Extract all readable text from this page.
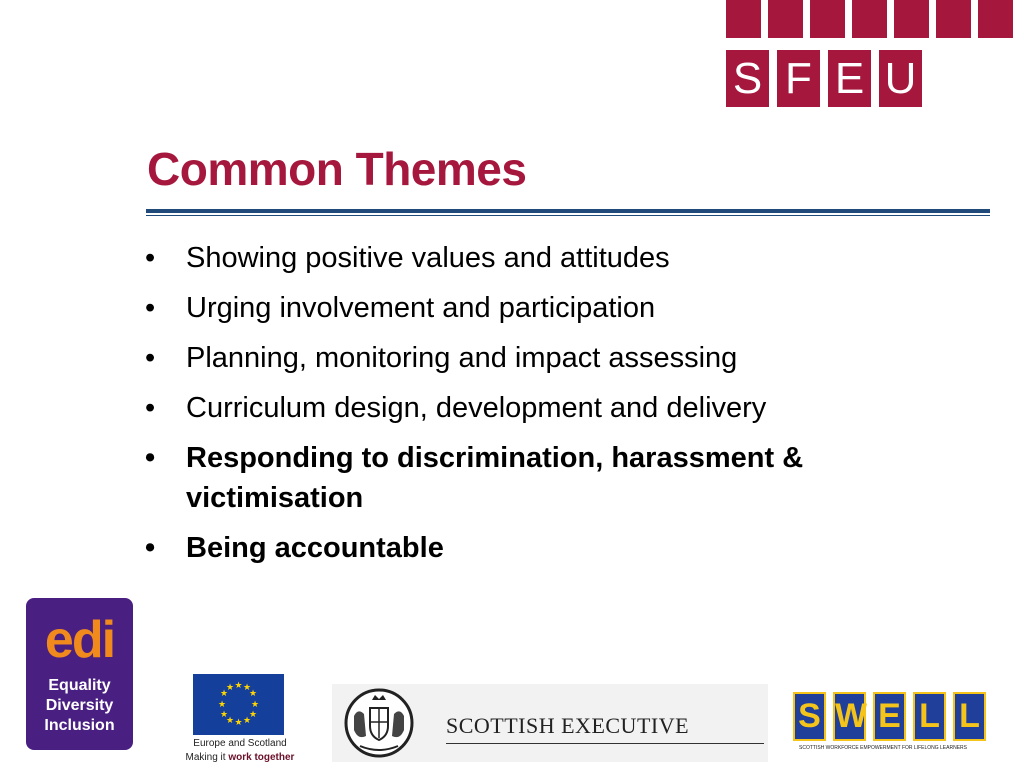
S F E U
Common Themes
• Showing positive values and attitudes
• Urging involvement and participation
• Planning, monitoring and impact assessing
• Curriculum design, development and delivery
• Responding to discrimination, harassment & victimisation
• Being accountable
edi
Equality
Diversity
Inclusion
★ ★
★
★
★
★
★
★
★
★
★
★
Europe and Scotland
Making it work together
SCOTTISH EXECUTIVE	S W E L L
SCOTTISH WORKFORCE EMPOWERMENT FOR LIFELONG LEARNERS
